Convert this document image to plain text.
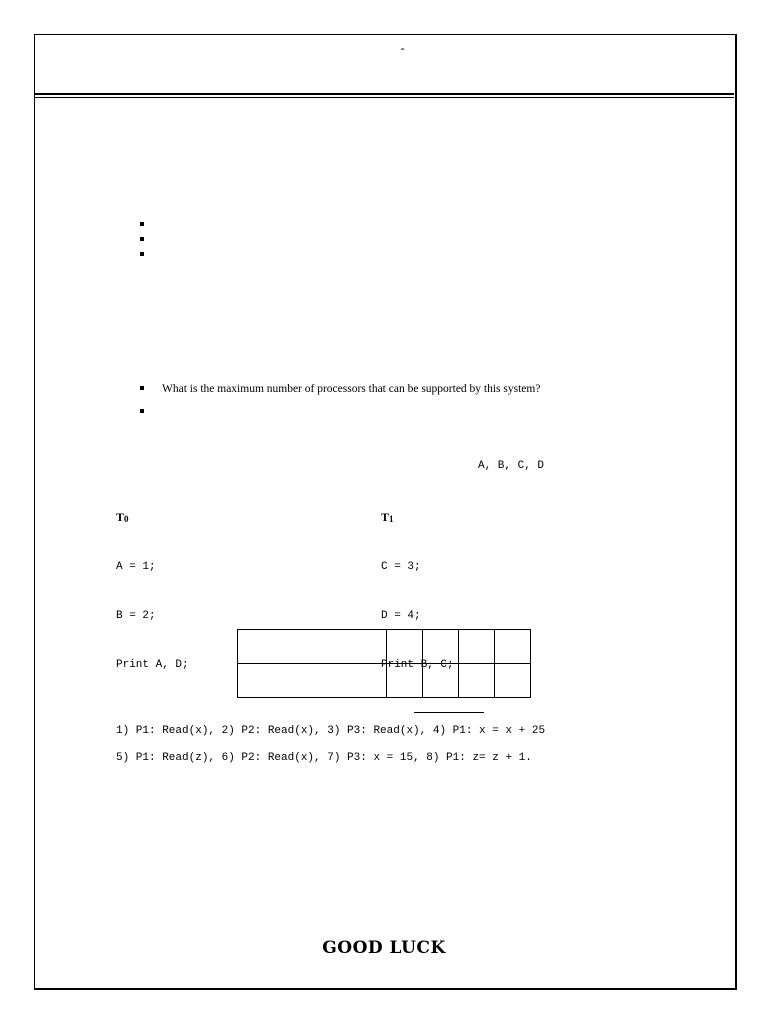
-
What is the maximum number of processors that can be supported by this system?
A, B, C, D

$T_0$

A = 1;

B = 2;

Print A, D;

$T_1$

C = 3;

D = 4;

Print B, C;

1) P1: Read(x), 2) P2: Read(x), 3) P3: Read(x), 4) P1: x = x + 25
5) P1: Read(z), 6) P2: Read(x), 7) P3: x = 15, 8) P1: z= z + 1.
GOOD LUCK
